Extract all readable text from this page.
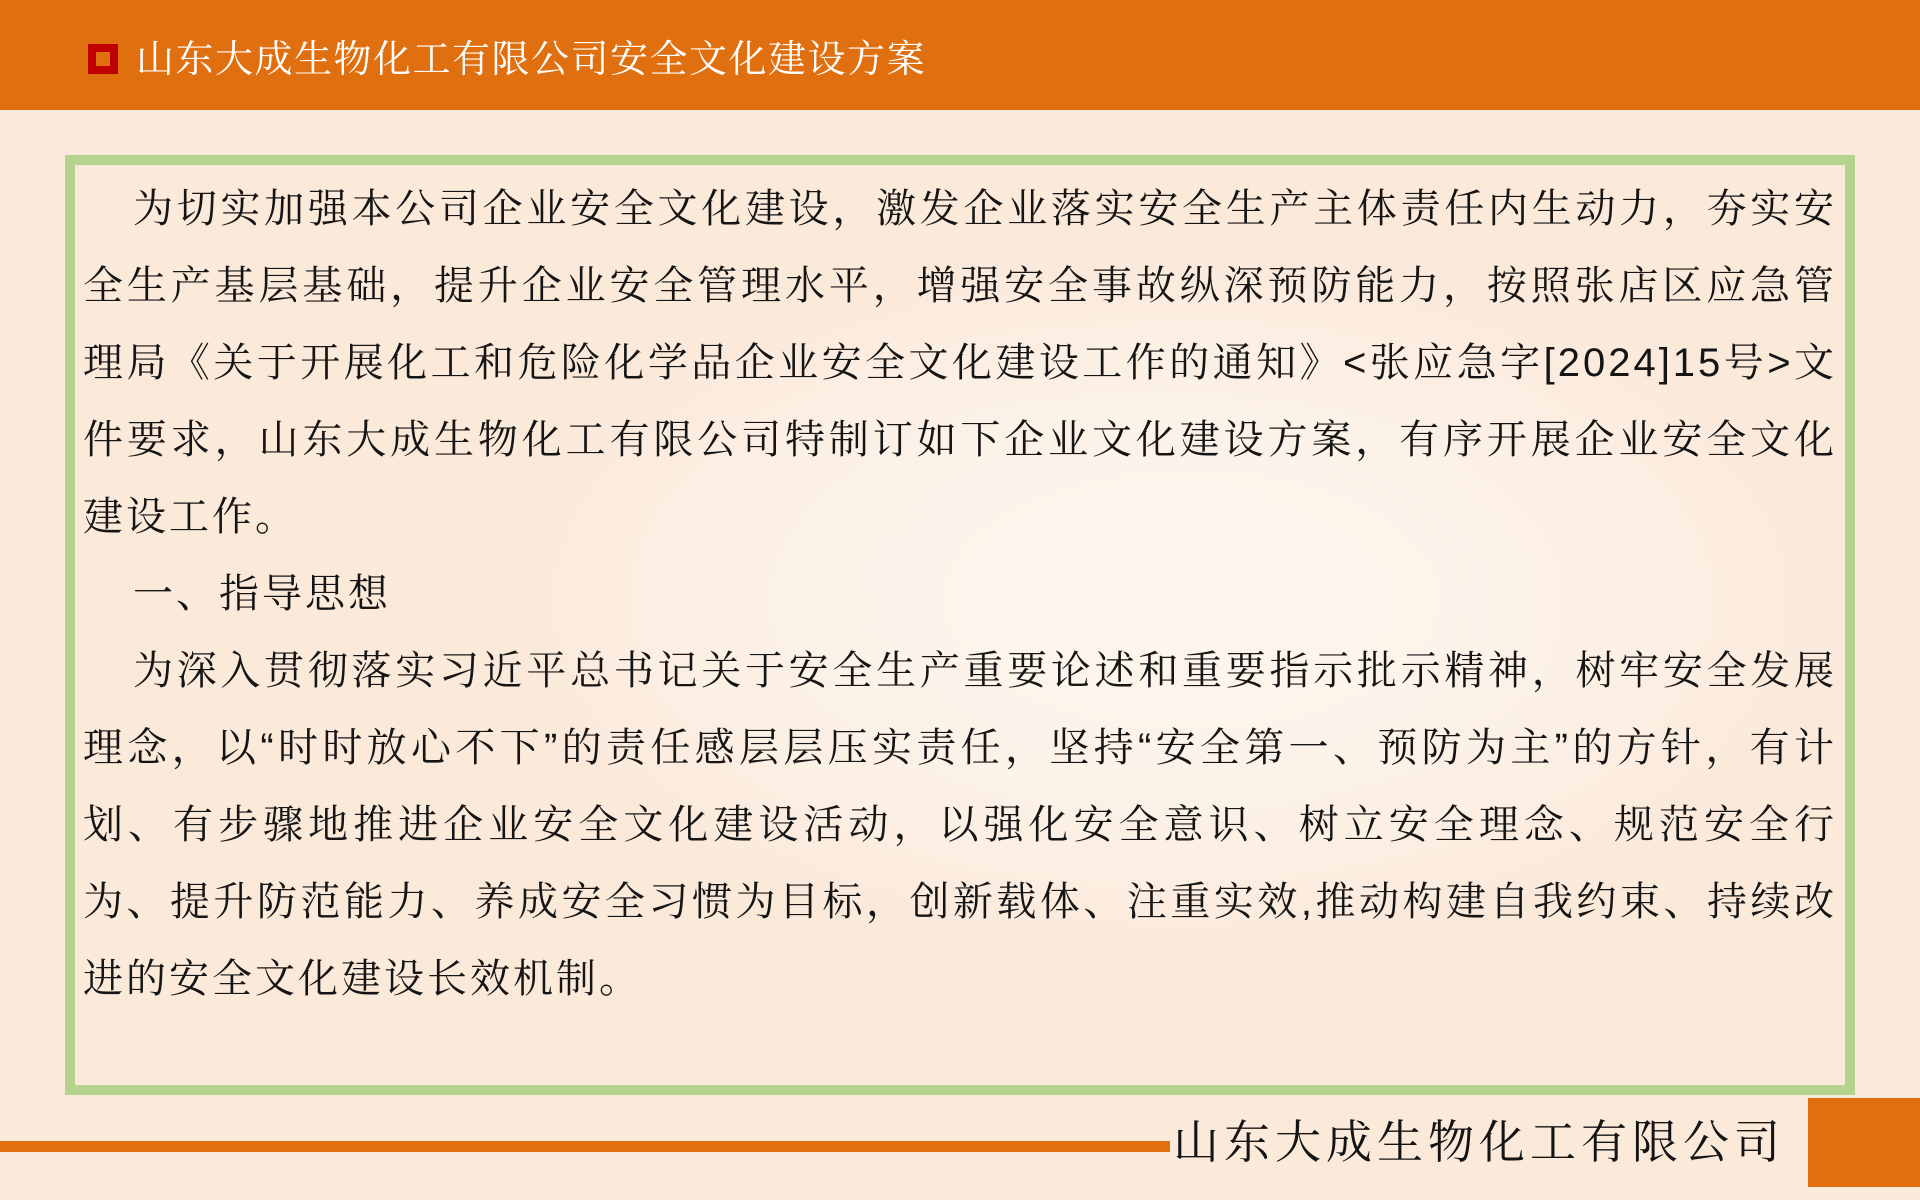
山东大成生物化工有限公司安全文化建设方案

为切实加强本公司企业安全文化建设，激发企业落实安全生产主体责任内生动力，夯实安全生产基层基础，提升企业安全管理水平，增强安全事故纵深预防能力，按照张店区应急管理局《关于开展化工和危险化学品企业安全文化建设工作的通知》<张应急字[2024]15号>文件要求，山东大成生物化工有限公司特制订如下企业文化建设方案，有序开展企业安全文化建设工作。

一、指导思想

为深入贯彻落实习近平总书记关于安全生产重要论述和重要指示批示精神，树牢安全发展理念，以“时时放心不下”的责任感层层压实责任，坚持“安全第一、预防为主”的方针，有计划、有步骤地推进企业安全文化建设活动，以强化安全意识、树立安全理念、规范安全行为、提升防范能力、养成安全习惯为目标，创新载体、注重实效,推动构建自我约束、持续改进的安全文化建设长效机制。

山东大成生物化工有限公司
